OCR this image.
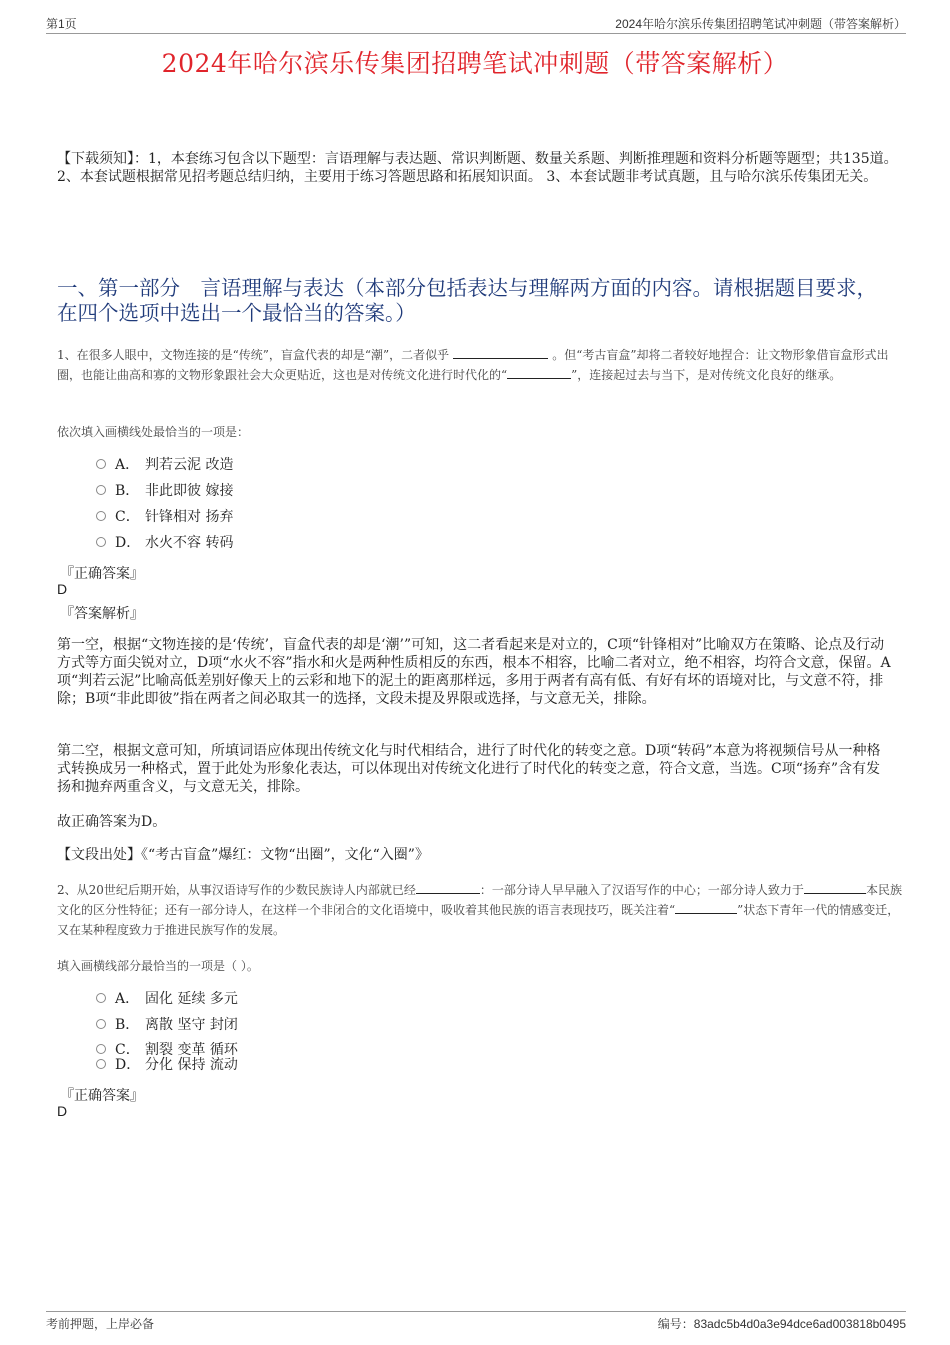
第1页	2024年哈尔滨乐传集团招聘笔试冲刺题（带答案解析）
2024年哈尔滨乐传集团招聘笔试冲刺题（带答案解析）
【下载须知】：1，本套练习包含以下题型：言语理解与表达题、常识判断题、数量关系题、判断推理题和资料分析题等题型；共135道。 2、本套试题根据常见招考题总结归纳，主要用于练习答题思路和拓展知识面。 3、本套试题非考试真题，且与哈尔滨乐传集团无关。
一、第一部分　言语理解与表达（本部分包括表达与理解两方面的内容。请根据题目要求，在四个选项中选出一个最恰当的答案。）
1、在很多人眼中，文物连接的是“传统”，盲盒代表的却是“潮”，二者似乎	。但“考古盲盒”却将二者较好地捏合：让文物形象借盲盒形式出圈，也能让曲高和寡的文物形象跟社会大众更贴近，这也是对传统文化进行时代化的“	”，连接起过去与当下，是对传统文化良好的继承。
依次填入画横线处最恰当的一项是：
A． 判若云泥 改造
B． 非此即彼 嫁接
C． 针锋相对 扬弃
D． 水火不容 转码
『正确答案』
D
『答案解析』
第一空，根据“文物连接的是‘传统’，盲盒代表的却是‘潮’”可知，这二者看起来是对立的，C项“针锋相对”比喻双方在策略、论点及行动方式等方面尖锐对立，D项“水火不容”指水和火是两种性质相反的东西，根本不相容，比喻二者对立，绝不相容，均符合文意，保留。A项“判若云泥”比喻高低差别好像天上的云彩和地下的泥土的距离那样远，多用于两者有高有低、有好有坏的语境对比，与文意不符，排除；B项“非此即彼”指在两者之间必取其一的选择，文段未提及界限或选择，与文意无关，排除。
第二空，根据文意可知，所填词语应体现出传统文化与时代相结合，进行了时代化的转变之意。D项“转码”本意为将视频信号从一种格式转换成另一种格式，置于此处为形象化表达，可以体现出对传统文化进行了时代化的转变之意，符合文意，当选。C项“扬弃”含有发扬和抛弃两重含义，与文意无关，排除。
故正确答案为D。
【文段出处】《“考古盲盒”爆红：文物“出圈”，文化“入圈”》
2、从20世纪后期开始，从事汉语诗写作的少数民族诗人内部就已经	：一部分诗人早早融入了汉语写作的中心；一部分诗人致力于	本民族文化的区分性特征；还有一部分诗人，在这样一个非闭合的文化语境中，吸收着其他民族的语言表现技巧，既关注着“	”状态下青年一代的情感变迁，又在某种程度致力于推进民族写作的发展。
填入画横线部分最恰当的一项是（ ）。
A． 固化 延续 多元
B． 离散 坚守 封闭
C． 割裂 变革 循环
D． 分化 保持 流动
『正确答案』
D
考前押题，上岸必备	编号：83adc5b4d0a3e94dce6ad003818b0495
